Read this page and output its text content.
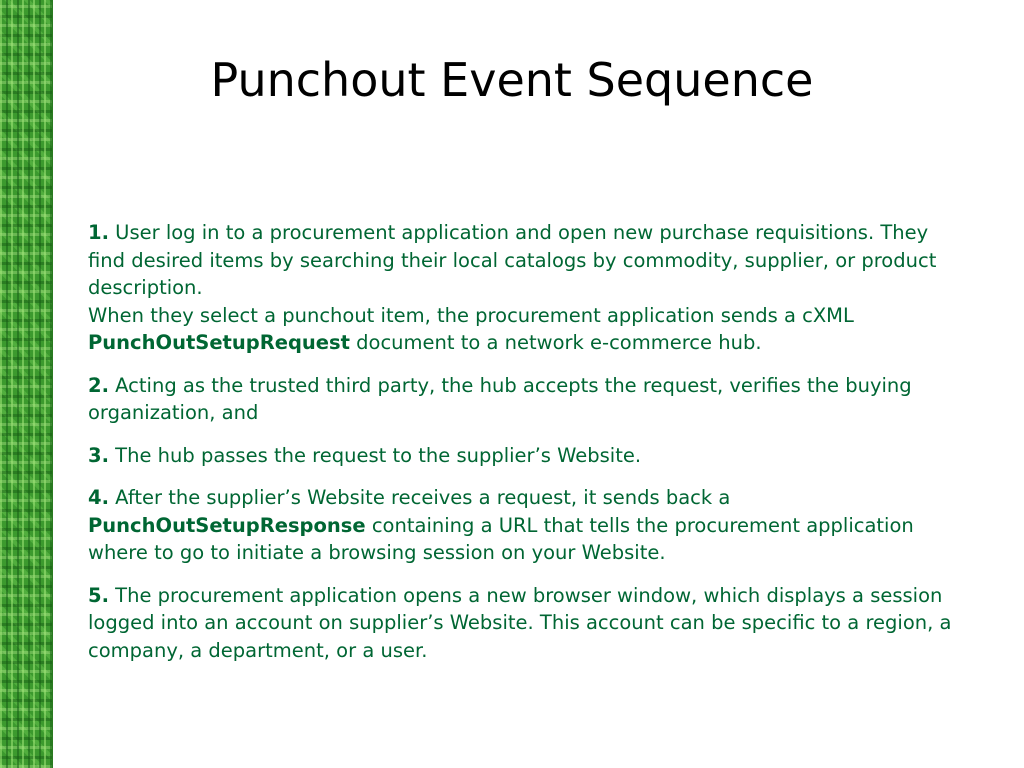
Punchout Event Sequence

1. User log in to a procurement application and open new purchase requisitions. They find desired items by searching their local catalogs by commodity, supplier, or product description.
When they select a punchout item, the procurement application sends a cXML PunchOutSetupRequest document to a network e-commerce hub.

2. Acting as the trusted third party, the hub accepts the request, verifies the buying organization, and

3. The hub passes the request to the supplier’s Website.

4. After the supplier’s Website receives a request, it sends back a PunchOutSetupResponse containing a URL that tells the procurement application where to go to initiate a browsing session on your Website.

5. The procurement application opens a new browser window, which displays a session logged into an account on supplier’s Website. This account can be specific to a region, a company, a department, or a user.
